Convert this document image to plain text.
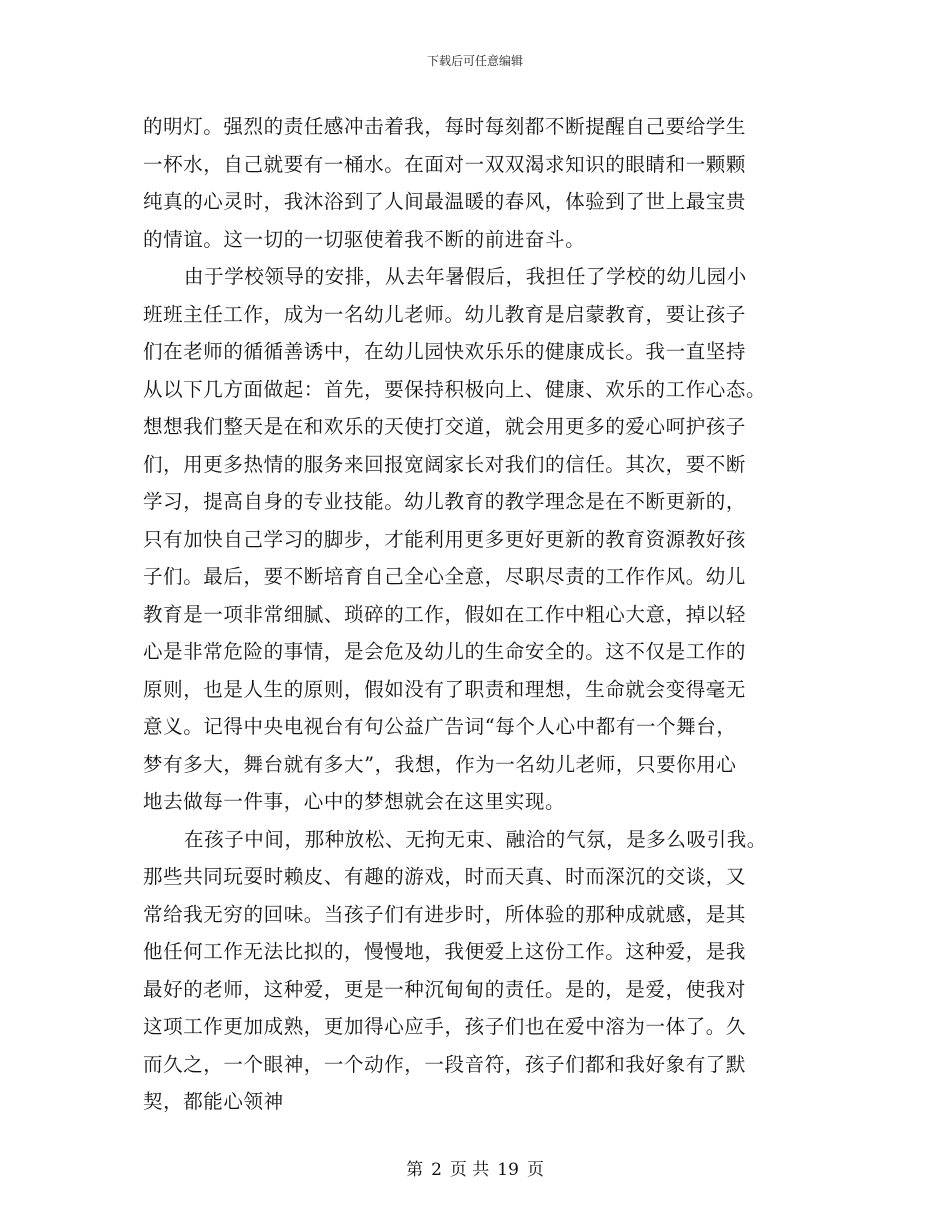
下载后可任意编辑
的明灯。强烈的责任感冲击着我，每时每刻都不断提醒自己要给学生
一杯水，自己就要有一桶水。在面对一双双渴求知识的眼睛和一颗颗
纯真的心灵时，我沐浴到了人间最温暖的春风，体验到了世上最宝贵
的情谊。这一切的一切驱使着我不断的前进奋斗。
由于学校领导的安排，从去年暑假后，我担任了学校的幼儿园小
班班主任工作，成为一名幼儿老师。幼儿教育是启蒙教育，要让孩子
们在老师的循循善诱中，在幼儿园快欢乐乐的健康成长。我一直坚持
从以下几方面做起：首先，要保持积极向上、健康、欢乐的工作心态。
想想我们整天是在和欢乐的天使打交道，就会用更多的爱心呵护孩子
们，用更多热情的服务来回报宽阔家长对我们的信任。其次，要不断
学习，提高自身的专业技能。幼儿教育的教学理念是在不断更新的，
只有加快自己学习的脚步，才能利用更多更好更新的教育资源教好孩
子们。最后，要不断培育自己全心全意，尽职尽责的工作作风。幼儿
教育是一项非常细腻、琐碎的工作，假如在工作中粗心大意，掉以轻
心是非常危险的事情，是会危及幼儿的生命安全的。这不仅是工作的
原则，也是人生的原则，假如没有了职责和理想，生命就会变得毫无
意义。记得中央电视台有句公益广告词“每个人心中都有一个舞台，
梦有多大，舞台就有多大”，我想，作为一名幼儿老师，只要你用心
地去做每一件事，心中的梦想就会在这里实现。
在孩子中间，那种放松、无拘无束、融洽的气氛，是多么吸引我。
那些共同玩耍时赖皮、有趣的游戏，时而天真、时而深沉的交谈，又
常给我无穷的回味。当孩子们有进步时，所体验的那种成就感，是其
他任何工作无法比拟的，慢慢地，我便爱上这份工作。这种爱，是我
最好的老师，这种爱，更是一种沉甸甸的责任。是的，是爱，使我对
这项工作更加成熟，更加得心应手，孩子们也在爱中溶为一体了。久
而久之，一个眼神，一个动作，一段音符，孩子们都和我好象有了默
契，都能心领神
第 2 页 共 19 页
